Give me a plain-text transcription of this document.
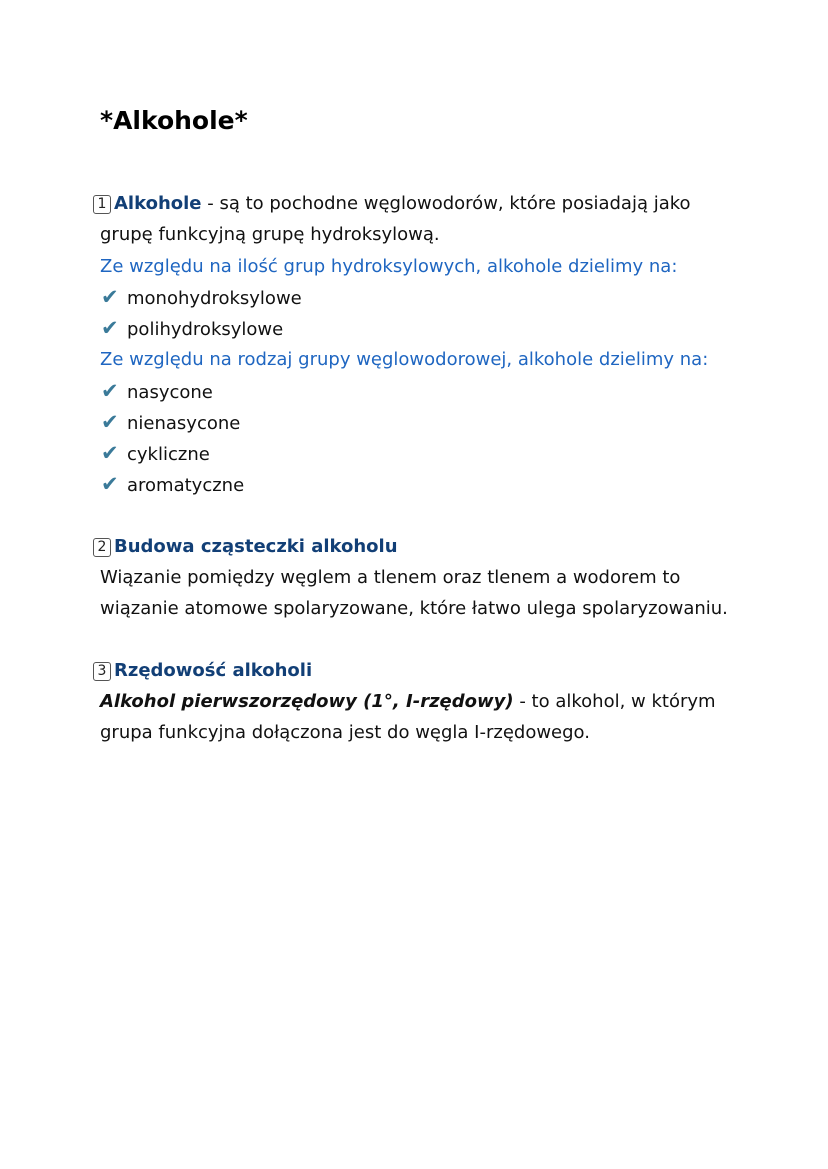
*Alkohole*
1 Alkohole - są to pochodne węglowodorów, które posiadają jako
grupę funkcyjną grupę hydroksylową.
Ze względu na ilość grup hydroksylowych, alkohole dzielimy na:
✔ monohydroksylowe
✔ polihydroksylowe
Ze względu na rodzaj grupy węglowodorowej, alkohole dzielimy na:
✔ nasycone
✔ nienasycone
✔ cykliczne
✔ aromatyczne
2 Budowa cząsteczki alkoholu
Wiązanie pomiędzy węglem a tlenem oraz tlenem a wodorem to
wiązanie atomowe spolaryzowane, które łatwo ulega spolaryzowaniu.
3 Rzędowość alkoholi
Alkohol pierwszorzędowy (1°, I-rzędowy) - to alkohol, w którym
grupa funkcyjna dołączona jest do węgla I-rzędowego.
